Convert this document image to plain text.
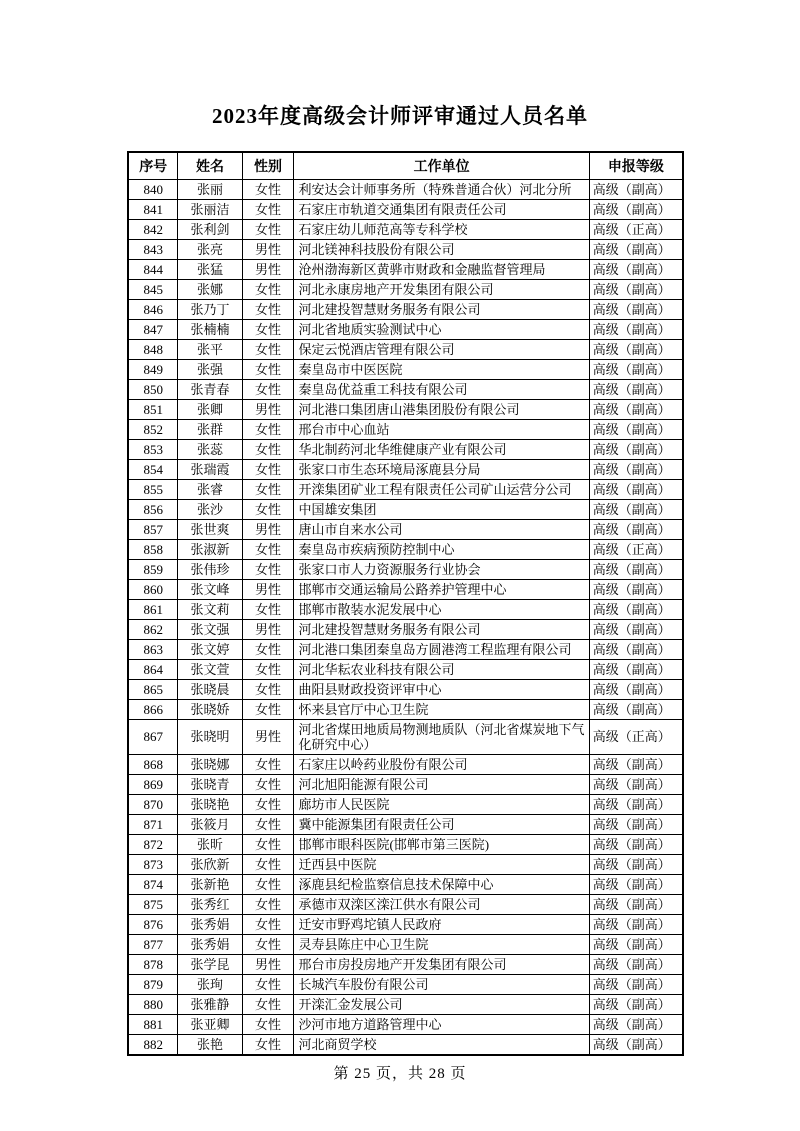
2023年度高级会计师评审通过人员名单
序号	姓名	性别	工作单位	申报等级
840	张丽	女性	利安达会计师事务所（特殊普通合伙）河北分所	高级（副高）
841	张丽洁	女性	石家庄市轨道交通集团有限责任公司	高级（副高）
842	张利剑	女性	石家庄幼儿师范高等专科学校	高级（正高）
843	张亮	男性	河北镁神科技股份有限公司	高级（副高）
844	张猛	男性	沧州渤海新区黄骅市财政和金融监督管理局	高级（副高）
845	张娜	女性	河北永康房地产开发集团有限公司	高级（副高）
846	张乃丁	女性	河北建投智慧财务服务有限公司	高级（副高）
847	张楠楠	女性	河北省地质实验测试中心	高级（副高）
848	张平	女性	保定云悦酒店管理有限公司	高级（副高）
849	张强	女性	秦皇岛市中医医院	高级（副高）
850	张青春	女性	秦皇岛优益重工科技有限公司	高级（副高）
851	张卿	男性	河北港口集团唐山港集团股份有限公司	高级（副高）
852	张群	女性	邢台市中心血站	高级（副高）
853	张蕊	女性	华北制药河北华维健康产业有限公司	高级（副高）
854	张瑞霞	女性	张家口市生态环境局涿鹿县分局	高级（副高）
855	张睿	女性	开滦集团矿业工程有限责任公司矿山运营分公司	高级（副高）
856	张沙	女性	中国雄安集团	高级（副高）
857	张世爽	男性	唐山市自来水公司	高级（副高）
858	张淑新	女性	秦皇岛市疾病预防控制中心	高级（正高）
859	张伟珍	女性	张家口市人力资源服务行业协会	高级（副高）
860	张文峰	男性	邯郸市交通运输局公路养护管理中心	高级（副高）
861	张文莉	女性	邯郸市散装水泥发展中心	高级（副高）
862	张文强	男性	河北建投智慧财务服务有限公司	高级（副高）
863	张文婷	女性	河北港口集团秦皇岛方圆港湾工程监理有限公司	高级（副高）
864	张文萱	女性	河北华耘农业科技有限公司	高级（副高）
865	张晓晨	女性	曲阳县财政投资评审中心	高级（副高）
866	张晓娇	女性	怀来县官厅中心卫生院	高级（副高）
867	张晓明	男性	河北省煤田地质局物测地质队（河北省煤炭地下气化研究中心）	高级（正高）
868	张晓娜	女性	石家庄以岭药业股份有限公司	高级（副高）
869	张晓青	女性	河北旭阳能源有限公司	高级（副高）
870	张晓艳	女性	廊坊市人民医院	高级（副高）
871	张筱月	女性	冀中能源集团有限责任公司	高级（副高）
872	张昕	女性	邯郸市眼科医院(邯郸市第三医院)	高级（副高）
873	张欣新	女性	迁西县中医院	高级（副高）
874	张新艳	女性	涿鹿县纪检监察信息技术保障中心	高级（副高）
875	张秀红	女性	承德市双滦区滦江供水有限公司	高级（副高）
876	张秀娟	女性	迁安市野鸡坨镇人民政府	高级（副高）
877	张秀娟	女性	灵寿县陈庄中心卫生院	高级（副高）
878	张学昆	男性	邢台市房投房地产开发集团有限公司	高级（副高）
879	张珣	女性	长城汽车股份有限公司	高级（副高）
880	张雅静	女性	开滦汇金发展公司	高级（副高）
881	张亚卿	女性	沙河市地方道路管理中心	高级（副高）
882	张艳	女性	河北商贸学校	高级（副高）
第 25 页，共 28 页
